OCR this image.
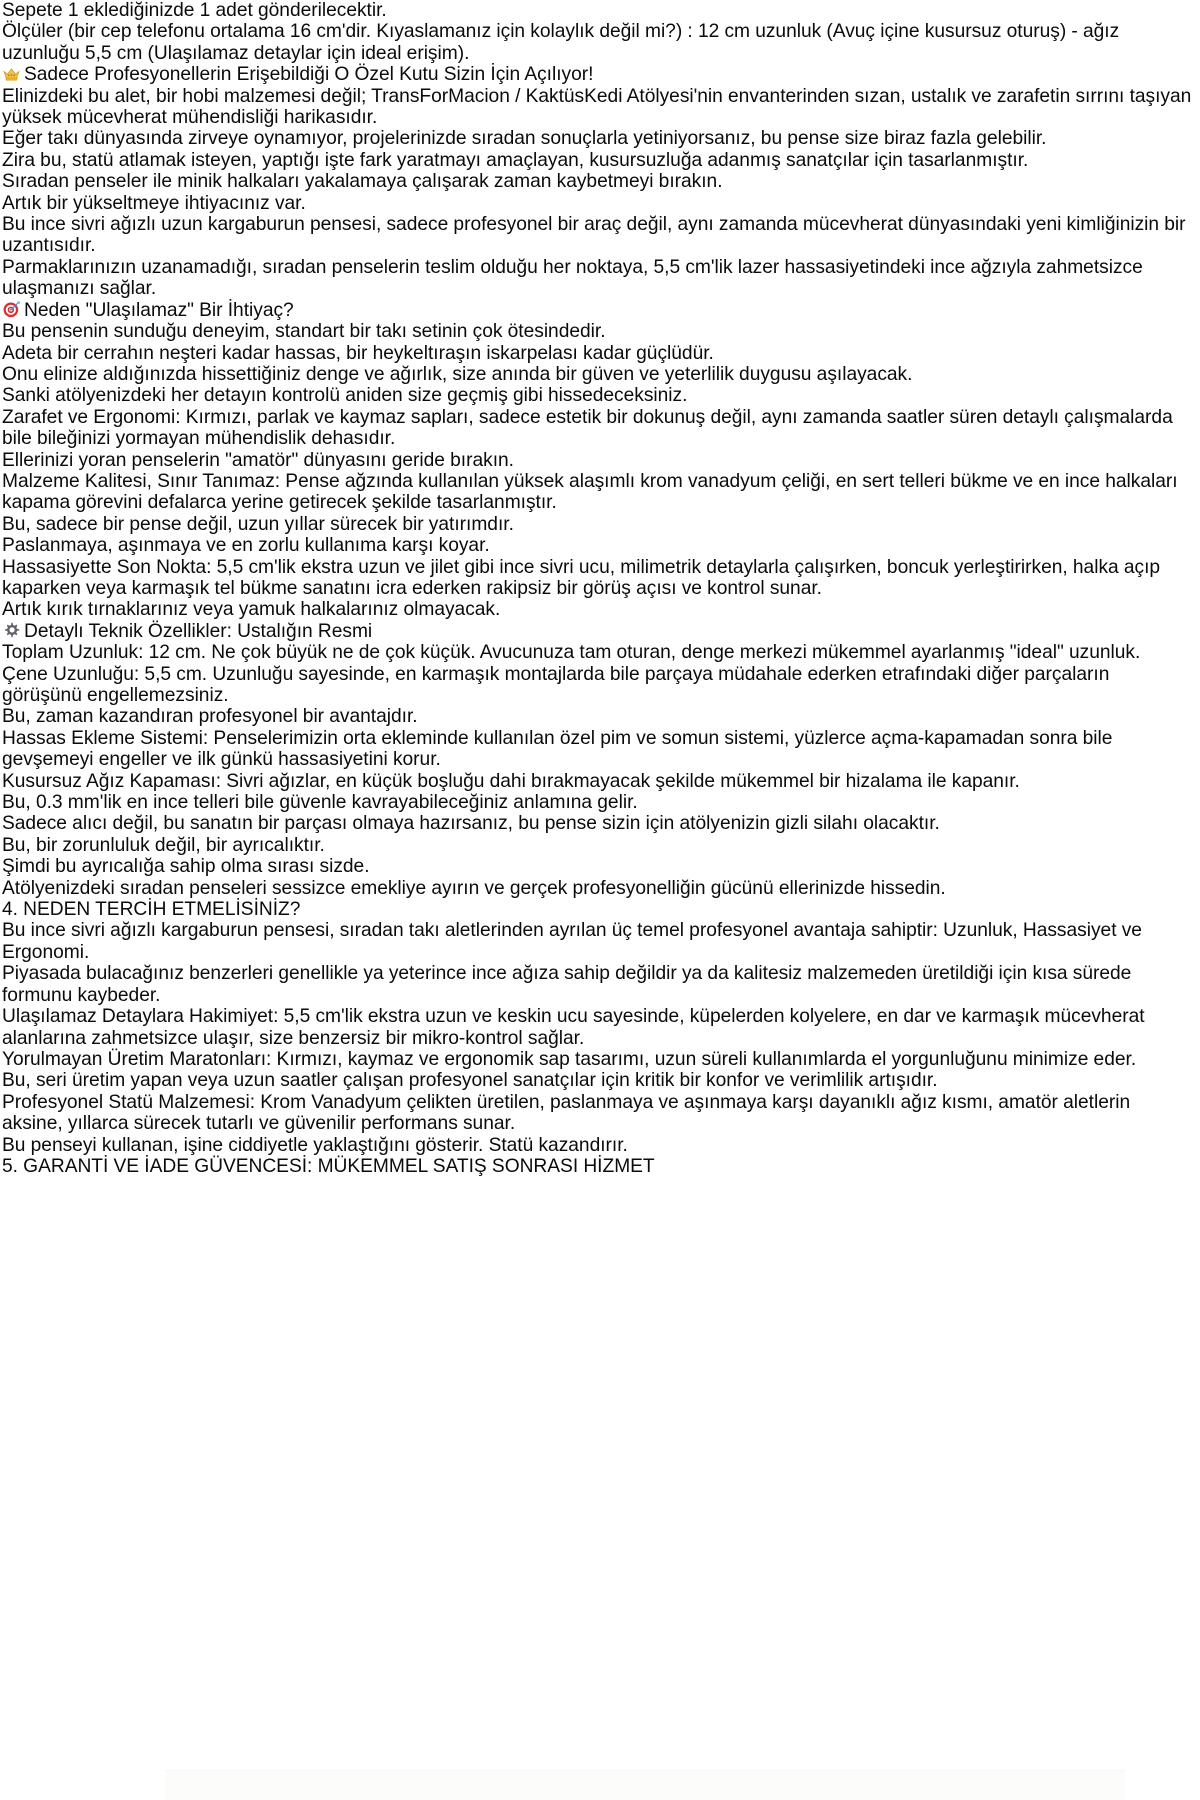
Sepete 1 eklediğinizde 1 adet gönderilecektir.
Ölçüler (bir cep telefonu ortalama 16 cm'dir. Kıyaslamanız için kolaylık değil mi?) : 12 cm uzunluk (Avuç içine kusursuz oturuş) - ağız uzunluğu 5,5 cm (Ulaşılamaz detaylar için ideal erişim).
Sadece Profesyonellerin Erişebildiği O Özel Kutu Sizin İçin Açılıyor!
Elinizdeki bu alet, bir hobi malzemesi değil; TransForMacion / KaktüsKedi Atölyesi'nin envanterinden sızan, ustalık ve zarafetin sırrını taşıyan yüksek mücevherat mühendisliği harikasıdır.
Eğer takı dünyasında zirveye oynamıyor, projelerinizde sıradan sonuçlarla yetiniyorsanız, bu pense size biraz fazla gelebilir.
Zira bu, statü atlamak isteyen, yaptığı işte fark yaratmayı amaçlayan, kusursuzluğa adanmış sanatçılar için tasarlanmıştır.
Sıradan penseler ile minik halkaları yakalamaya çalışarak zaman kaybetmeyi bırakın.
Artık bir yükseltmeye ihtiyacınız var.
Bu ince sivri ağızlı uzun kargaburun pensesi, sadece profesyonel bir araç değil, aynı zamanda mücevherat dünyasındaki yeni kimliğinizin bir uzantısıdır.
Parmaklarınızın uzanamadığı, sıradan penselerin teslim olduğu her noktaya, 5,5 cm'lik lazer hassasiyetindeki ince ağzıyla zahmetsizce ulaşmanızı sağlar.
Neden "Ulaşılamaz" Bir İhtiyaç?
Bu pensenin sunduğu deneyim, standart bir takı setinin çok ötesindedir.
Adeta bir cerrahın neşteri kadar hassas, bir heykeltıraşın iskarpelası kadar güçlüdür.
Onu elinize aldığınızda hissettiğiniz denge ve ağırlık, size anında bir güven ve yeterlilik duygusu aşılayacak.
Sanki atölyenizdeki her detayın kontrolü aniden size geçmiş gibi hissedeceksiniz.
Zarafet ve Ergonomi: Kırmızı, parlak ve kaymaz sapları, sadece estetik bir dokunuş değil, aynı zamanda saatler süren detaylı çalışmalarda bile bileğinizi yormayan mühendislik dehasıdır.
Ellerinizi yoran penselerin "amatör" dünyasını geride bırakın.
Malzeme Kalitesi, Sınır Tanımaz: Pense ağzında kullanılan yüksek alaşımlı krom vanadyum çeliği, en sert telleri bükme ve en ince halkaları kapama görevini defalarca yerine getirecek şekilde tasarlanmıştır.
Bu, sadece bir pense değil, uzun yıllar sürecek bir yatırımdır.
Paslanmaya, aşınmaya ve en zorlu kullanıma karşı koyar.
Hassasiyette Son Nokta: 5,5 cm'lik ekstra uzun ve jilet gibi ince sivri ucu, milimetrik detaylarla çalışırken, boncuk yerleştirirken, halka açıp kaparken veya karmaşık tel bükme sanatını icra ederken rakipsiz bir görüş açısı ve kontrol sunar.
Artık kırık tırnaklarınız veya yamuk halkalarınız olmayacak.
Detaylı Teknik Özellikler: Ustalığın Resmi
Toplam Uzunluk: 12 cm. Ne çok büyük ne de çok küçük. Avucunuza tam oturan, denge merkezi mükemmel ayarlanmış "ideal" uzunluk.
Çene Uzunluğu: 5,5 cm. Uzunluğu sayesinde, en karmaşık montajlarda bile parçaya müdahale ederken etrafındaki diğer parçaların görüşünü engellemezsiniz.
Bu, zaman kazandıran profesyonel bir avantajdır.
Hassas Ekleme Sistemi: Penselerimizin orta ekleminde kullanılan özel pim ve somun sistemi, yüzlerce açma-kapamadan sonra bile gevşemeyi engeller ve ilk günkü hassasiyetini korur.
Kusursuz Ağız Kapaması: Sivri ağızlar, en küçük boşluğu dahi bırakmayacak şekilde mükemmel bir hizalama ile kapanır.
Bu, 0.3 mm'lik en ince telleri bile güvenle kavrayabileceğiniz anlamına gelir.
Sadece alıcı değil, bu sanatın bir parçası olmaya hazırsanız, bu pense sizin için atölyenizin gizli silahı olacaktır.
Bu, bir zorunluluk değil, bir ayrıcalıktır.
Şimdi bu ayrıcalığa sahip olma sırası sizde.
Atölyenizdeki sıradan penseleri sessizce emekliye ayırın ve gerçek profesyonelliğin gücünü ellerinizde hissedin.
4. NEDEN TERCİH ETMELİSİNİZ?
Bu ince sivri ağızlı kargaburun pensesi, sıradan takı aletlerinden ayrılan üç temel profesyonel avantaja sahiptir: Uzunluk, Hassasiyet ve Ergonomi.
Piyasada bulacağınız benzerleri genellikle ya yeterince ince ağıza sahip değildir ya da kalitesiz malzemeden üretildiği için kısa sürede formunu kaybeder.
Ulaşılamaz Detaylara Hakimiyet: 5,5 cm'lik ekstra uzun ve keskin ucu sayesinde, küpelerden kolyelere, en dar ve karmaşık mücevherat alanlarına zahmetsizce ulaşır, size benzersiz bir mikro-kontrol sağlar.
Yorulmayan Üretim Maratonları: Kırmızı, kaymaz ve ergonomik sap tasarımı, uzun süreli kullanımlarda el yorgunluğunu minimize eder.
Bu, seri üretim yapan veya uzun saatler çalışan profesyonel sanatçılar için kritik bir konfor ve verimlilik artışıdır.
Profesyonel Statü Malzemesi: Krom Vanadyum çelikten üretilen, paslanmaya ve aşınmaya karşı dayanıklı ağız kısmı, amatör aletlerin aksine, yıllarca sürecek tutarlı ve güvenilir performans sunar.
Bu penseyi kullanan, işine ciddiyetle yaklaştığını gösterir. Statü kazandırır.
5. GARANTİ VE İADE GÜVENCESİ: MÜKEMMEL SATIŞ SONRASI HİZMET
